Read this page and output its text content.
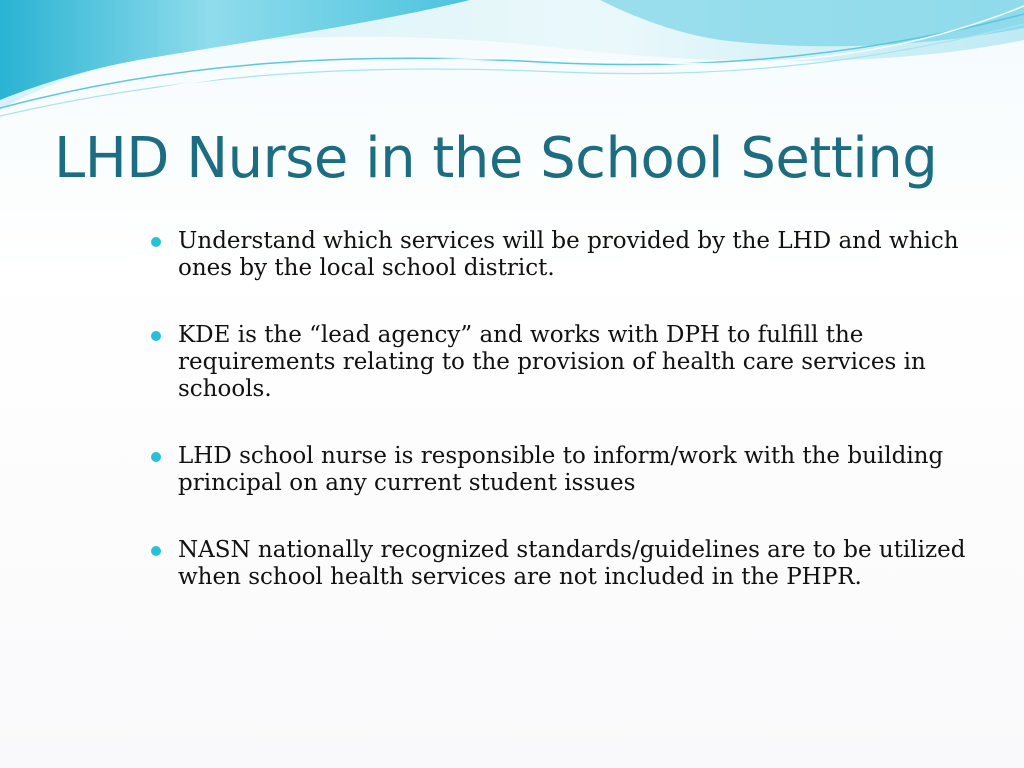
LHD Nurse in the School Setting
Understand which services will be provided by the LHD and which ones by the local school district.
KDE is the “lead agency” and works with DPH to fulfill the requirements relating to the provision of health care services in schools.
LHD school nurse is responsible to inform/work with the building principal on any current student issues
NASN nationally recognized standards/guidelines are to be utilized when school health services are not included in the PHPR.
